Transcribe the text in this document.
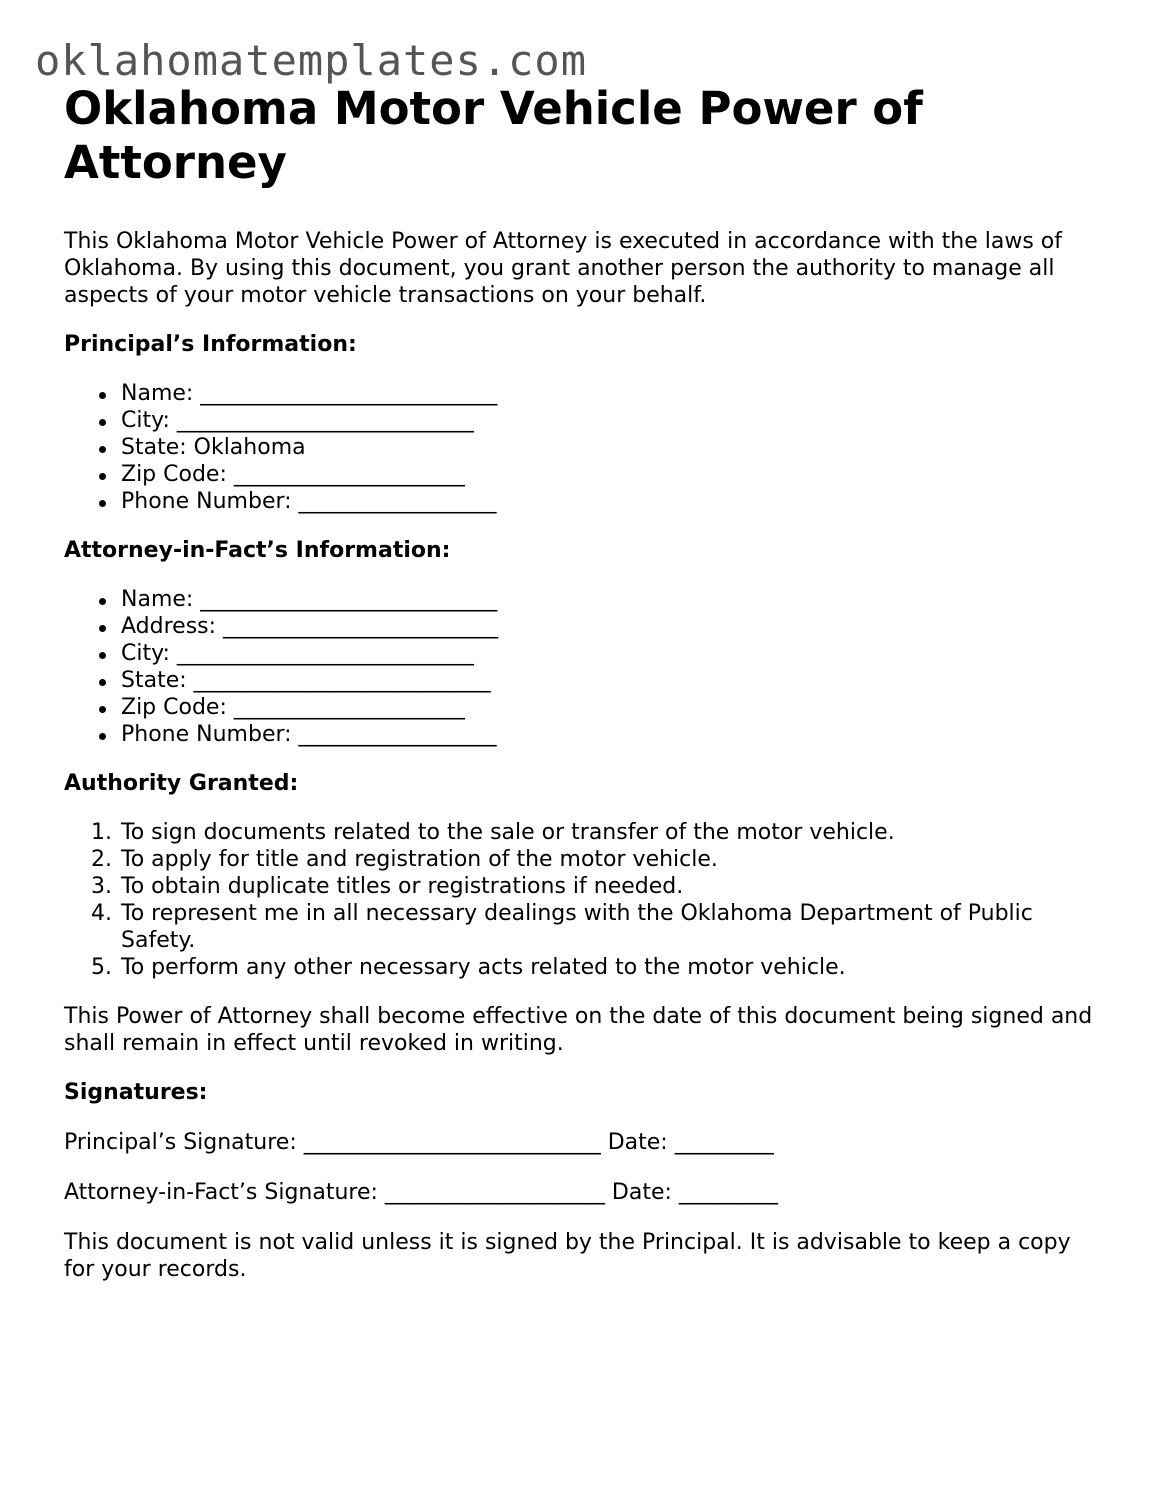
oklahomatemplates.com
Oklahoma Motor Vehicle Power of Attorney

This Oklahoma Motor Vehicle Power of Attorney is executed in accordance with the laws of Oklahoma. By using this document, you grant another person the authority to manage all aspects of your motor vehicle transactions on your behalf.

Principal’s Information:
Name: ___________________________
City: ___________________________
State: Oklahoma
Zip Code: _____________________
Phone Number: __________________
Attorney-in-Fact’s Information:
Name: ___________________________
Address: _________________________
City: ___________________________
State: ___________________________
Zip Code: _____________________
Phone Number: __________________
Authority Granted:
1. To sign documents related to the sale or transfer of the motor vehicle.
2. To apply for title and registration of the motor vehicle.
3. To obtain duplicate titles or registrations if needed.
4. To represent me in all necessary dealings with the Oklahoma Department of Public Safety.
5. To perform any other necessary acts related to the motor vehicle.

This Power of Attorney shall become effective on the date of this document being signed and shall remain in effect until revoked in writing.

Signatures:

Principal’s Signature: ___________________________ Date: _________

Attorney-in-Fact’s Signature: ____________________ Date: _________

This document is not valid unless it is signed by the Principal. It is advisable to keep a copy for your records.
